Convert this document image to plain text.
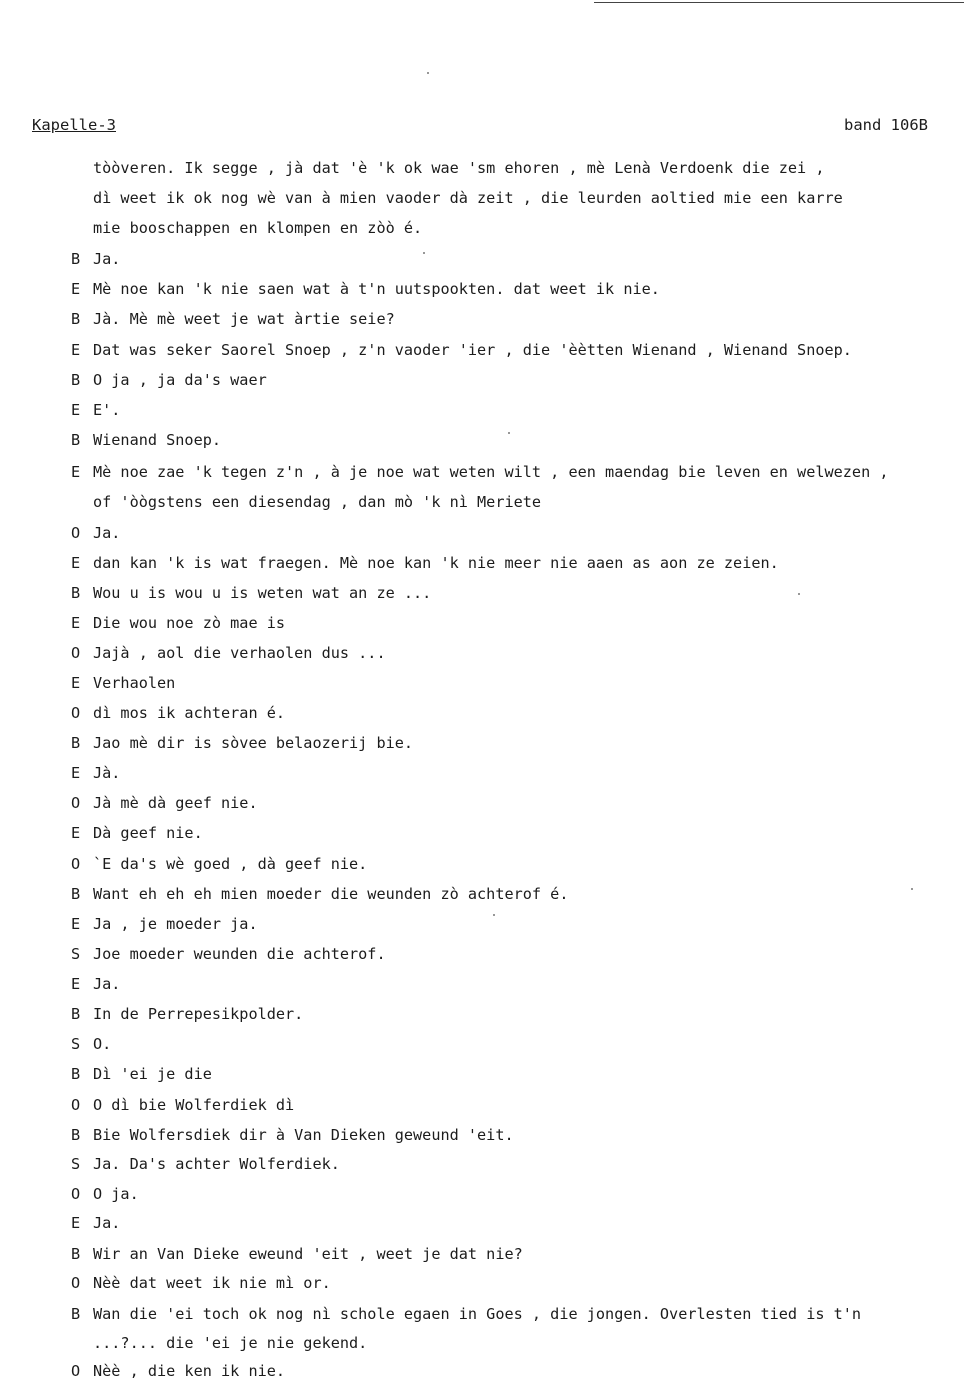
Kapelle-3	band 106B
tòòveren. Ik segge , jà dat 'è 'k ok wae 'sm ehoren , mè Lenà Verdoenk die zei ,
dì weet ik ok nog wè van à mien vaoder dà zeit , die leurden aoltied mie een karre
mie booschappen en klompen en zòò é.
B Ja.
E Mè noe kan 'k nie saen wat à t'n uutspookten. dat weet ik nie.
B Jà. Mè mè weet je wat àrtie seie?
E Dat was seker Saorel Snoep , z'n vaoder 'ier , die 'èètten Wienand , Wienand Snoep.
B O ja , ja da's waer
E E'.
B Wienand Snoep.
E Mè noe zae 'k tegen z'n , à je noe wat weten wilt , een maendag bie leven en welwezen ,
of 'òògstens een diesendag , dan mò 'k nì Meriete
O Ja.
E dan kan 'k is wat fraegen. Mè noe kan 'k nie meer nie aaen as aon ze zeien.
B Wou u is wou u is weten wat an ze ...
E Die wou noe zò mae is
O Jajà , aol die verhaolen dus ...
E Verhaolen
O dì mos ik achteran é.
B Jao mè dir is sòvee belaozerij bie.
E Jà.
O Jà mè dà geef nie.
E Dà geef nie.
O `E da's wè goed , dà geef nie.
B Want eh eh eh mien moeder die weunden zò achterof é.
E Ja , je moeder ja.
S Joe moeder weunden die achterof.
E Ja.
B In de Perrepesikpolder.
S O.
B Dì 'ei je die
O O dì bie Wolferdiek dì
B Bie Wolfersdiek dir à Van Dieken geweund 'eit.
S Ja. Da's achter Wolferdiek.
O O ja.
E Ja.
B Wir an Van Dieke eweund 'eit , weet je dat nie?
O Nèè dat weet ik nie mì or.
B Wan die 'ei toch ok nog nì schole egaen in Goes , die jongen. Overlesten tied is t'n
...?... die 'ei je nie gekend.
O Nèè , die ken ik nie.
